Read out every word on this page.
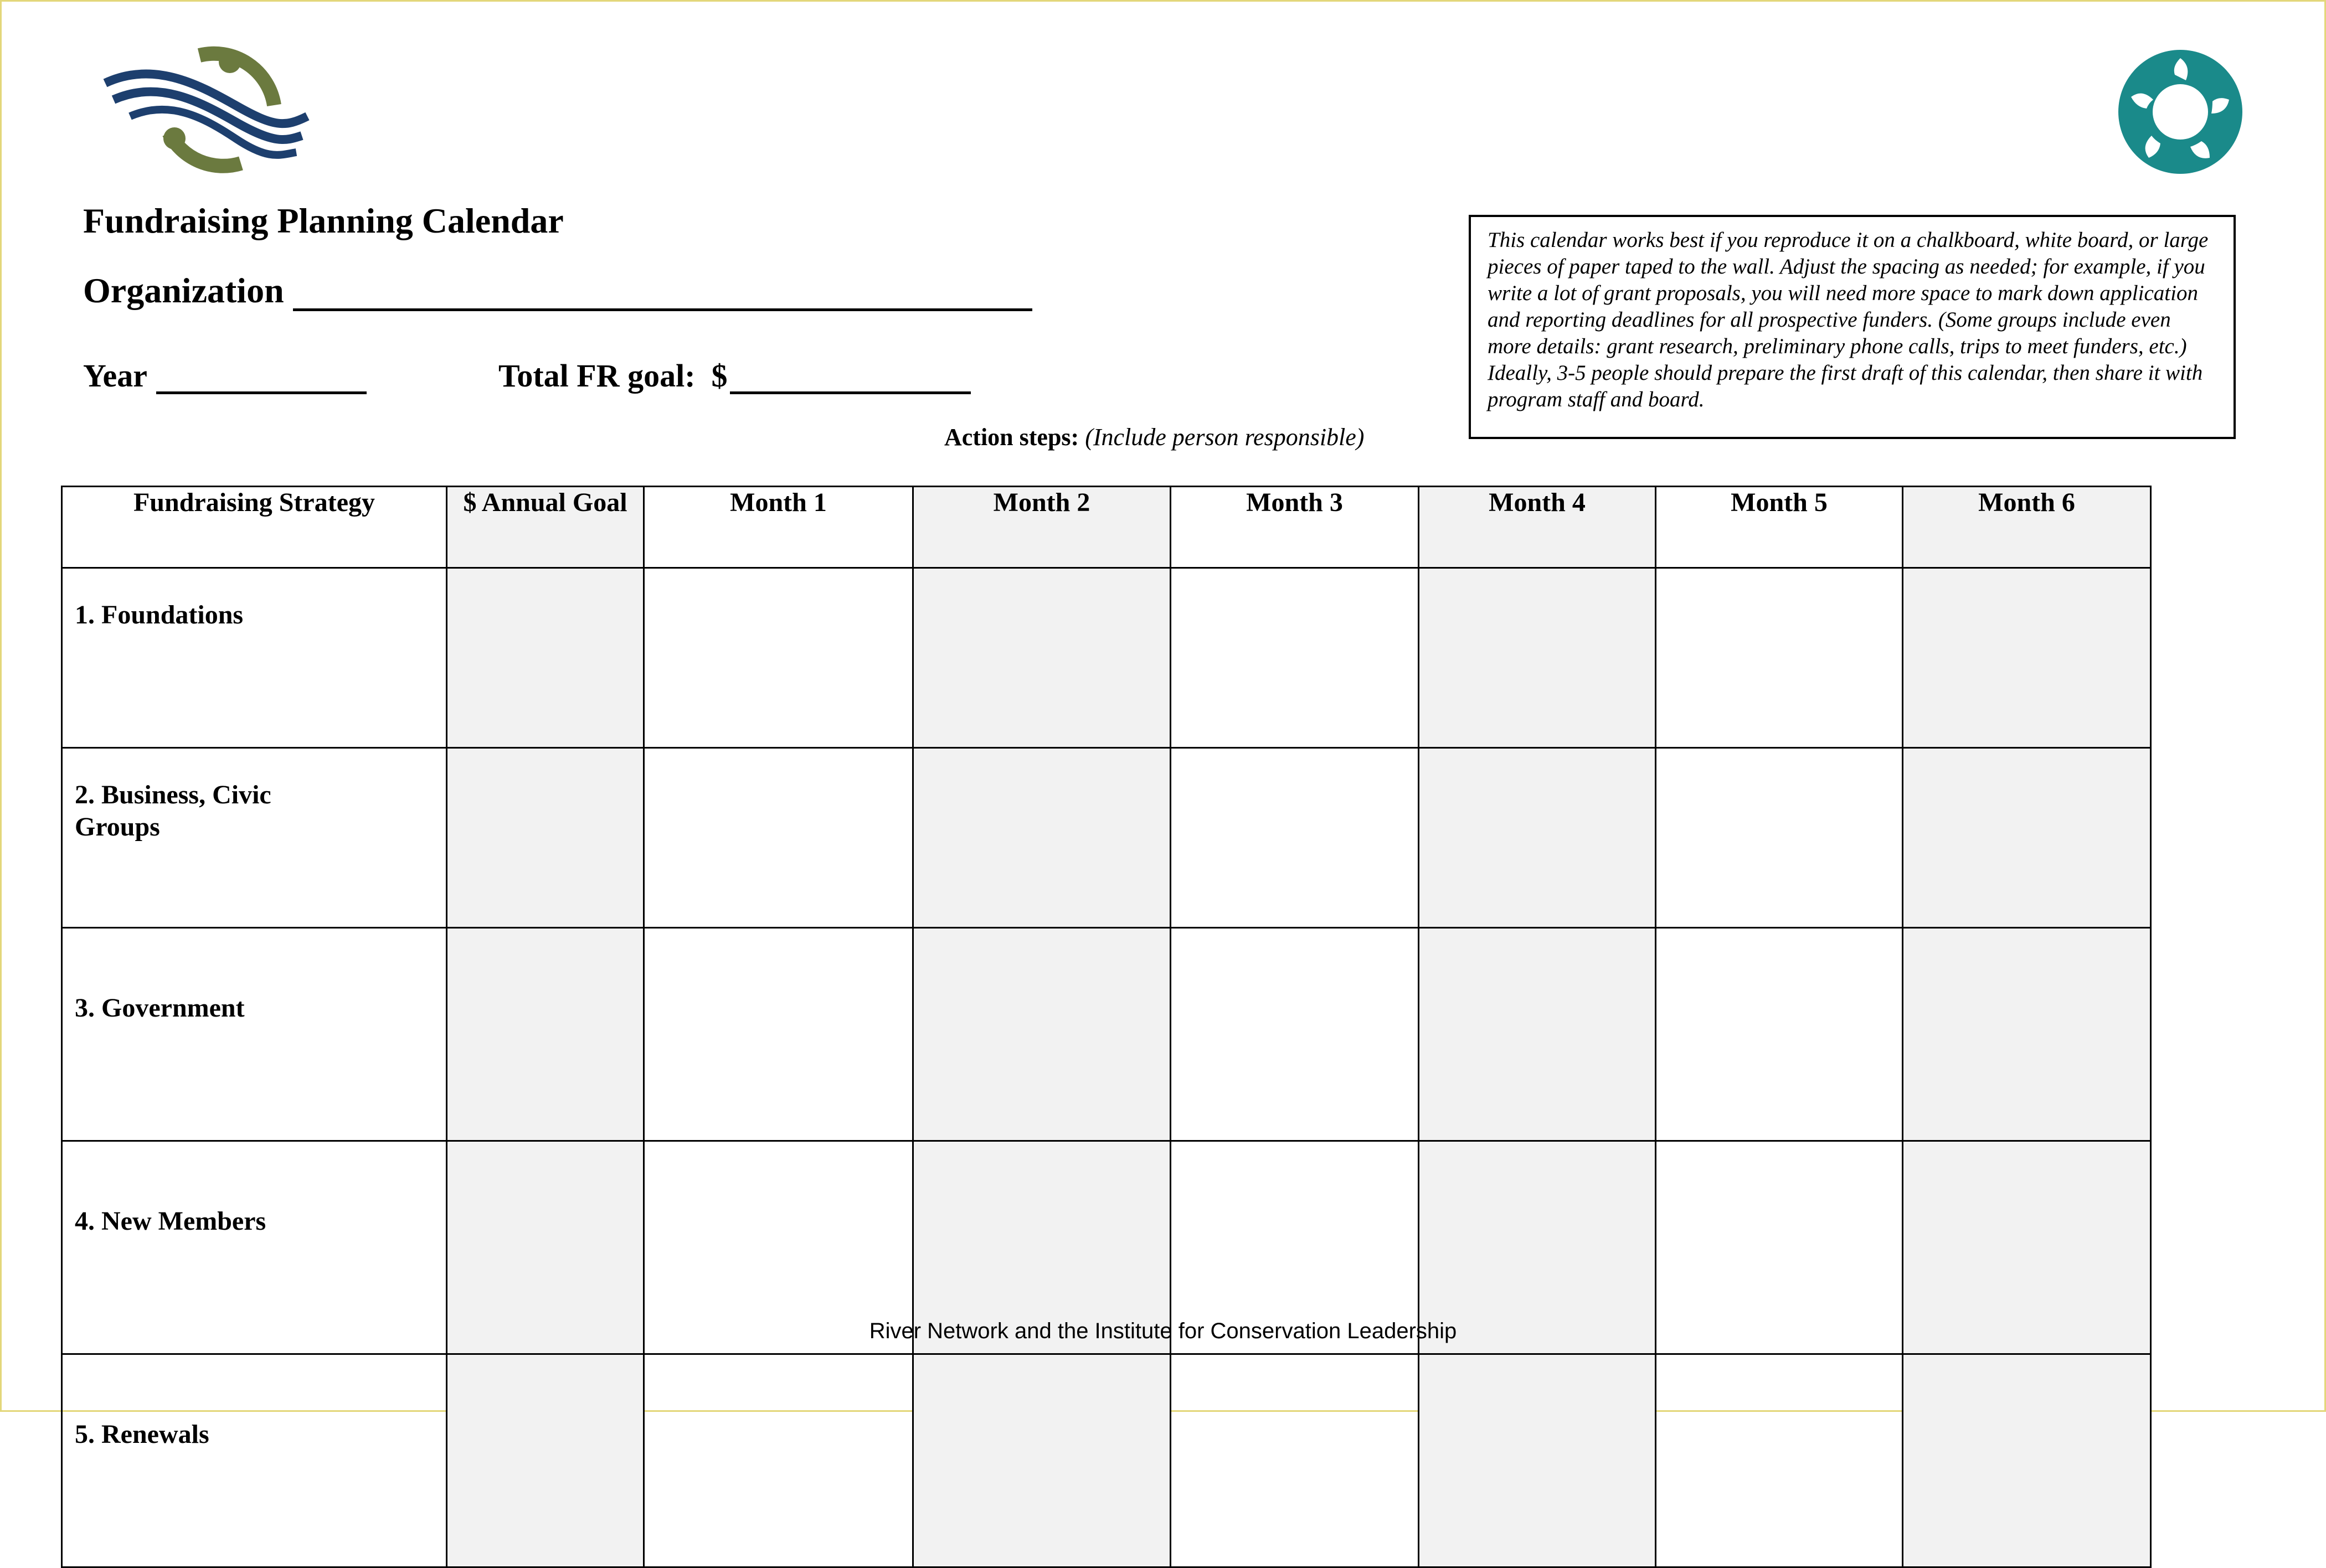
Fundraising Planning Calendar
Organization
Year	Total FR goal:  $
Action steps: (Include person responsible)
This calendar works best if you reproduce it on a chalkboard, white board, or large pieces of paper taped to the wall. Adjust the spacing as needed; for example, if you write a lot of grant proposals, you will need more space to mark down application and reporting deadlines for all prospective funders. (Some groups include even more details: grant research, preliminary phone calls, trips to meet funders, etc.) Ideally, 3-5 people should prepare the first draft of this calendar, then share it with program staff and board.
Fundraising Strategy	$ Annual Goal	Month 1	Month 2	Month 3	Month 4	Month 5	Month 6
1. Foundations							

2. Business, Civic Groups							

3. Government							
4. New Members							
5. Renewals							
River Network and the Institute for Conservation Leadership
